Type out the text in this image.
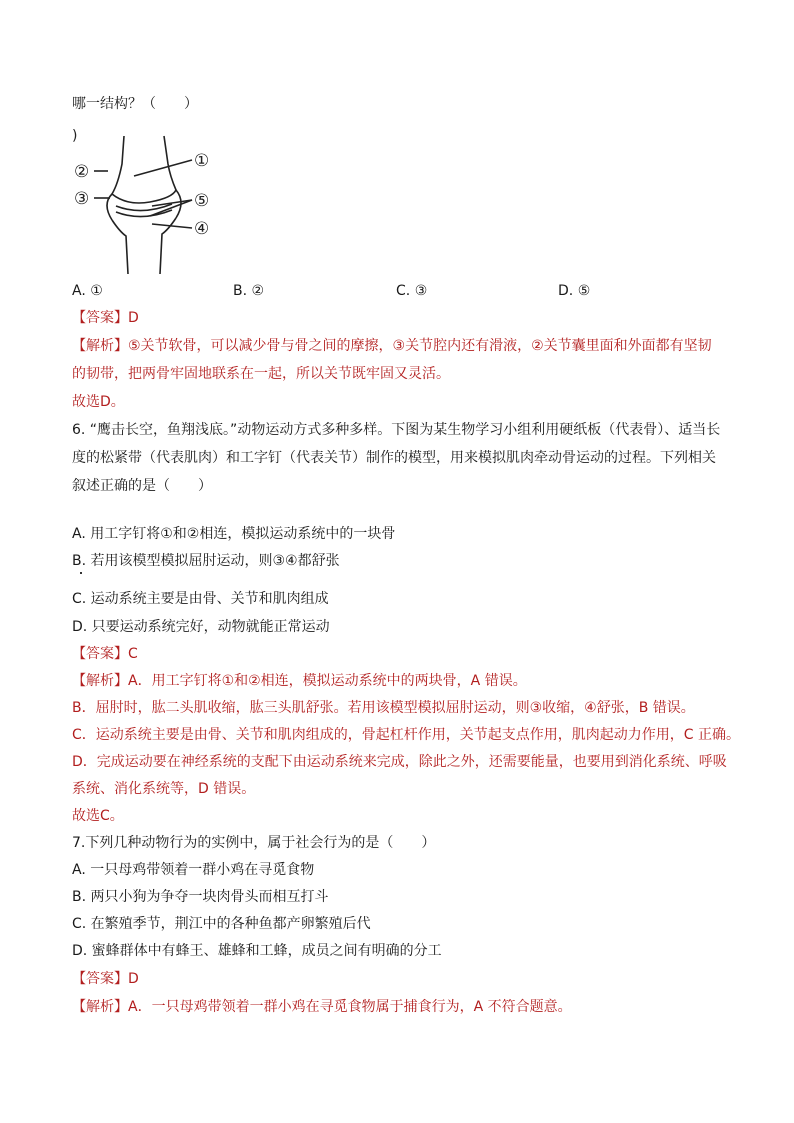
哪一结构？（　　）
)
①
②
③
④
⑤
A. ①	B. ②	C. ③	D. ⑤
【答案】D
【解析】⑤关节软骨，可以减少骨与骨之间的摩擦，③关节腔内还有滑液，②关节囊里面和外面都有坚韧
的韧带，把两骨牢固地联系在一起，所以关节既牢固又灵活。
故选D。
6. “鹰击长空，鱼翔浅底。”动物运动方式多种多样。下图为某生物学习小组利用硬纸板（代表骨）、适当长
度的松紧带（代表肌肉）和工字钉（代表关节）制作的模型，用来模拟肌肉牵动骨运动的过程。下列相关
叙述正确的是（　　）
A. 用工字钉将①和②相连，模拟运动系统中的一块骨
B. 若用该模型模拟屈肘运动，则③④都舒张
C. 运动系统主要是由骨、关节和肌肉组成
D. 只要运动系统完好，动物就能正常运动
【答案】C
【解析】A．用工字钉将①和②相连，模拟运动系统中的两块骨，A 错误。
B．屈肘时，肱二头肌收缩，肱三头肌舒张。若用该模型模拟屈肘运动，则③收缩，④舒张，B 错误。
C．运动系统主要是由骨、关节和肌肉组成的，骨起杠杆作用，关节起支点作用，肌肉起动力作用，C 正确。
D．完成运动要在神经系统的支配下由运动系统来完成，除此之外，还需要能量，也要用到消化系统、呼吸
系统、消化系统等，D 错误。
故选C。
7.下列几种动物行为的实例中，属于社会行为的是（　　）
A. 一只母鸡带领着一群小鸡在寻觅食物
B. 两只小狗为争夺一块肉骨头而相互打斗
C. 在繁殖季节，荆江中的各种鱼都产卵繁殖后代
D. 蜜蜂群体中有蜂王、雄蜂和工蜂，成员之间有明确的分工
【答案】D
【解析】A．一只母鸡带领着一群小鸡在寻觅食物属于捕食行为，A 不符合题意。
